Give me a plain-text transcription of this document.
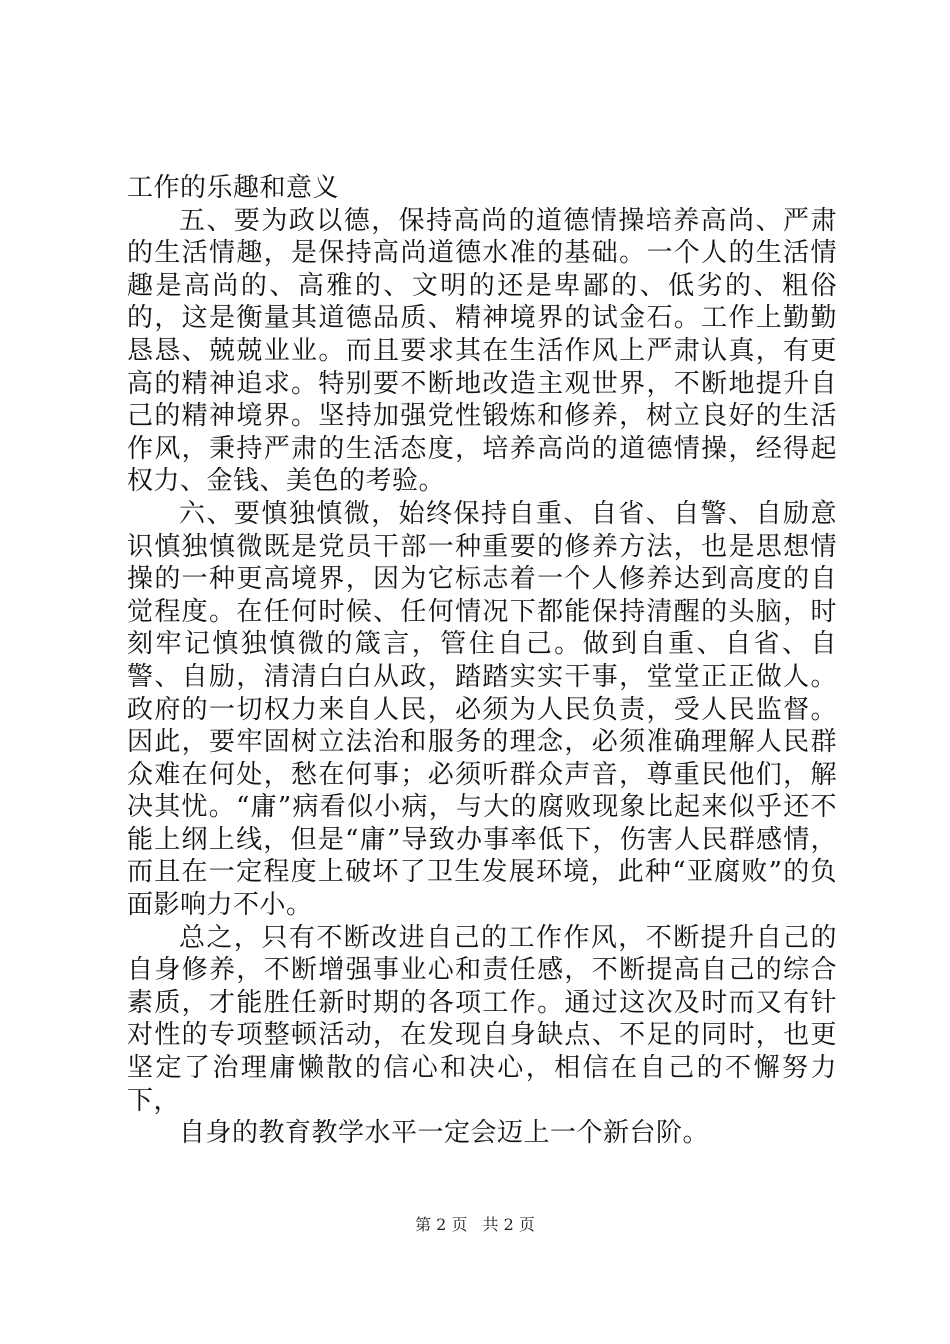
工作的乐趣和意义

五、要为政以德，保持高尚的道德情操培养高尚、严肃的生活情趣，是保持高尚道德水准的基础。一个人的生活情趣是高尚的、高雅的、文明的还是卑鄙的、低劣的、粗俗的，这是衡量其道德品质、精神境界的试金石。工作上勤勤恳恳、兢兢业业。而且要求其在生活作风上严肃认真，有更高的精神追求。特别要不断地改造主观世界，不断地提升自己的精神境界。坚持加强党性锻炼和修养，树立良好的生活作风，秉持严肃的生活态度，培养高尚的道德情操，经得起权力、金钱、美色的考验。

六、要慎独慎微，始终保持自重、自省、自警、自励意识慎独慎微既是党员干部一种重要的修养方法，也是思想情操的一种更高境界，因为它标志着一个人修养达到高度的自觉程度。在任何时候、任何情况下都能保持清醒的头脑，时刻牢记慎独慎微的箴言，管住自己。做到自重、自省、自警、自励，清清白白从政，踏踏实实干事，堂堂正正做人。政府的一切权力来自人民，必须为人民负责，受人民监督。因此，要牢固树立法治和服务的理念，必须准确理解人民群众难在何处，愁在何事；必须听群众声音，尊重民他们，解决其忧。“庸”病看似小病，与大的腐败现象比起来似乎还不能上纲上线，但是“庸”导致办事率低下，伤害人民群感情，而且在一定程度上破坏了卫生发展环境，此种“亚腐败”的负面影响力不小。

总之，只有不断改进自己的工作作风，不断提升自己的自身修养，不断增强事业心和责任感，不断提高自己的综合素质，才能胜任新时期的各项工作。通过这次及时而又有针对性的专项整顿活动，在发现自身缺点、不足的同时，也更坚定了治理庸懒散的信心和决心，相信在自己的不懈努力下，

自身的教育教学水平一定会迈上一个新台阶。

第 2 页 共 2 页
